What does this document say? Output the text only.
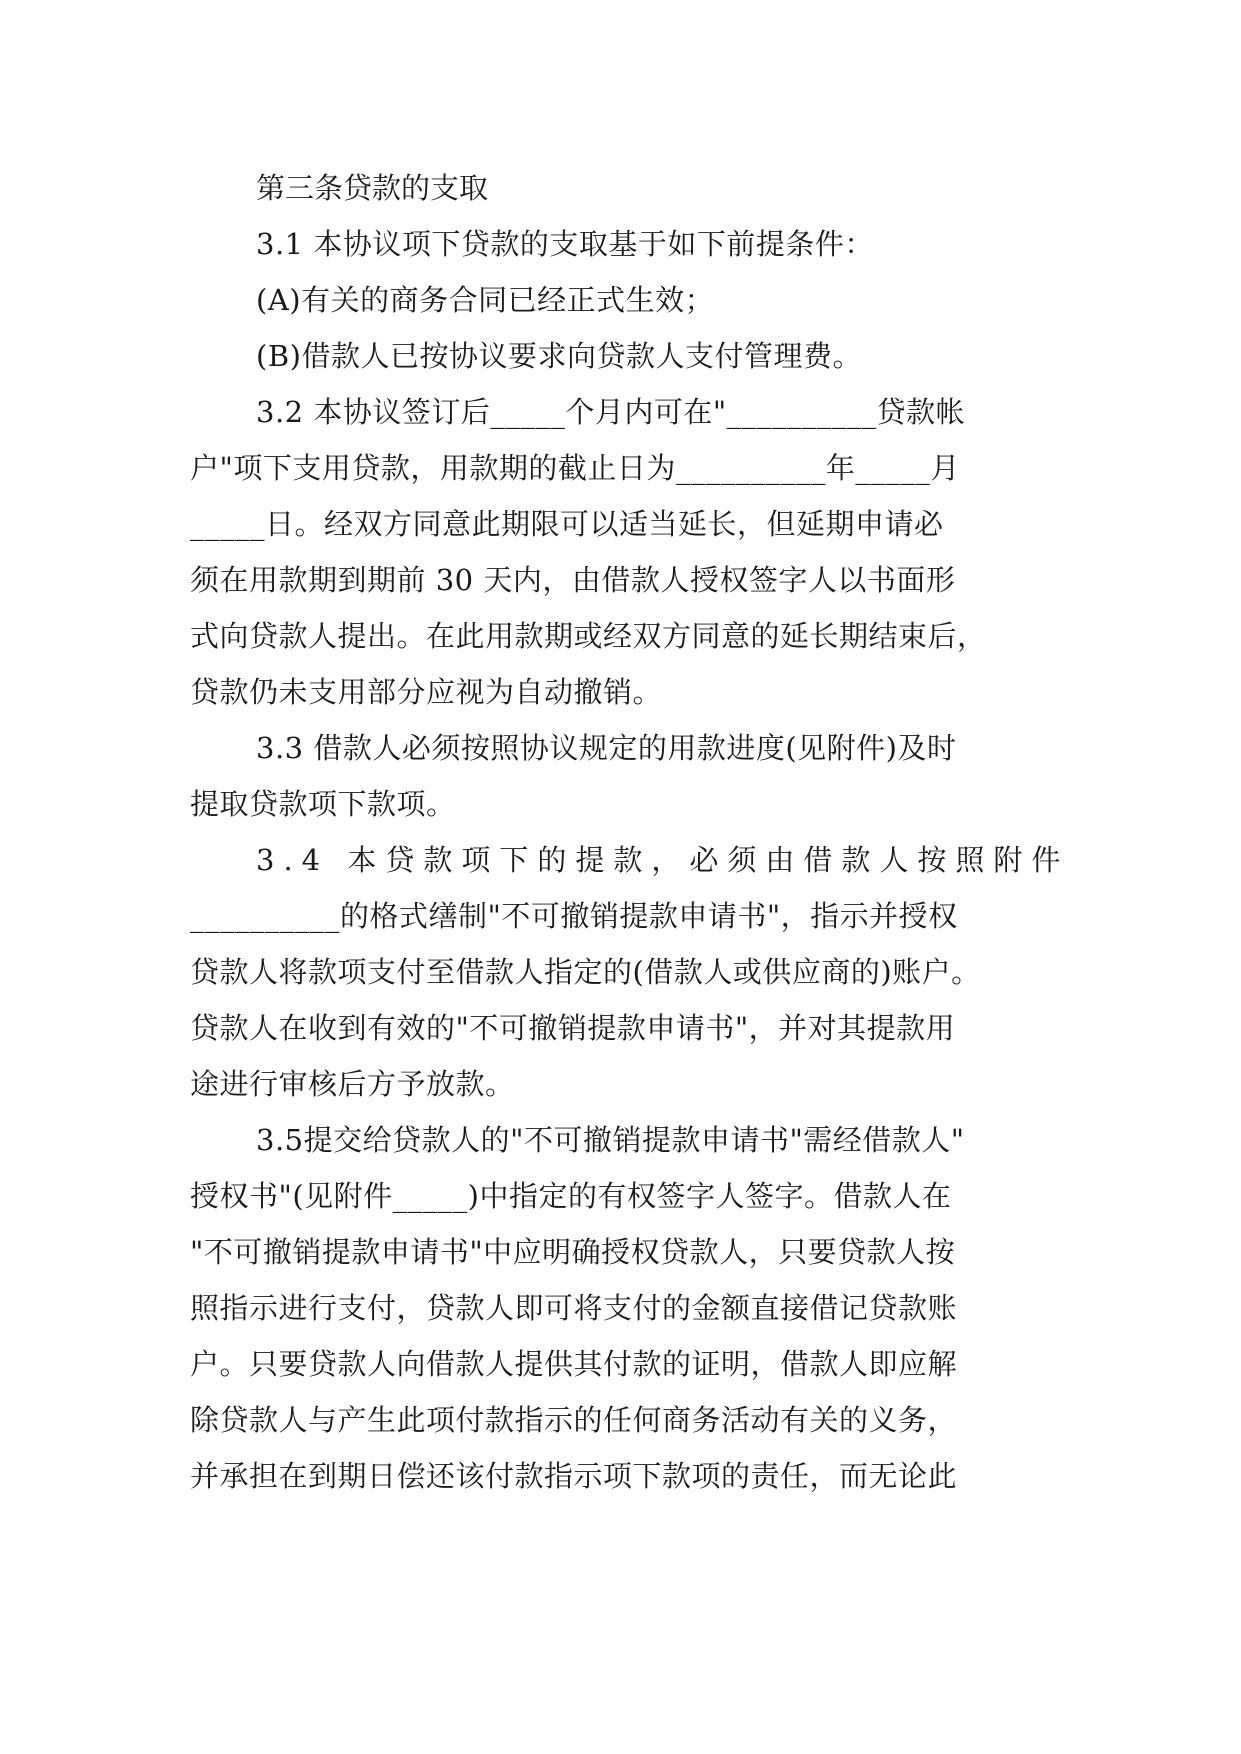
第三条贷款的支取

3.1 本协议项下贷款的支取基于如下前提条件：

(A)有关的商务合同已经正式生效；

(B)借款人已按协议要求向贷款人支付管理费。

3.2 本协议签订后_____个月内可在"__________贷款帐

户"项下支用贷款，用款期的截止日为__________年_____月

_____日。经双方同意此期限可以适当延长，但延期申请必

须在用款期到期前 30 天内，由借款人授权签字人以书面形

式向贷款人提出。在此用款期或经双方同意的延长期结束后，

贷款仍未支用部分应视为自动撤销。

3.3 借款人必须按照协议规定的用款进度(见附件)及时

提取贷款项下款项。

3.4 本贷款项下的提款，必须由借款人按照附件

__________的格式缮制"不可撤销提款申请书"，指示并授权

贷款人将款项支付至借款人指定的(借款人或供应商的)账户。

贷款人在收到有效的"不可撤销提款申请书"，并对其提款用

途进行审核后方予放款。

3.5提交给贷款人的"不可撤销提款申请书"需经借款人"

授权书"(见附件_____)中指定的有权签字人签字。借款人在

"不可撤销提款申请书"中应明确授权贷款人，只要贷款人按

照指示进行支付，贷款人即可将支付的金额直接借记贷款账

户。只要贷款人向借款人提供其付款的证明，借款人即应解

除贷款人与产生此项付款指示的任何商务活动有关的义务，

并承担在到期日偿还该付款指示项下款项的责任，而无论此
